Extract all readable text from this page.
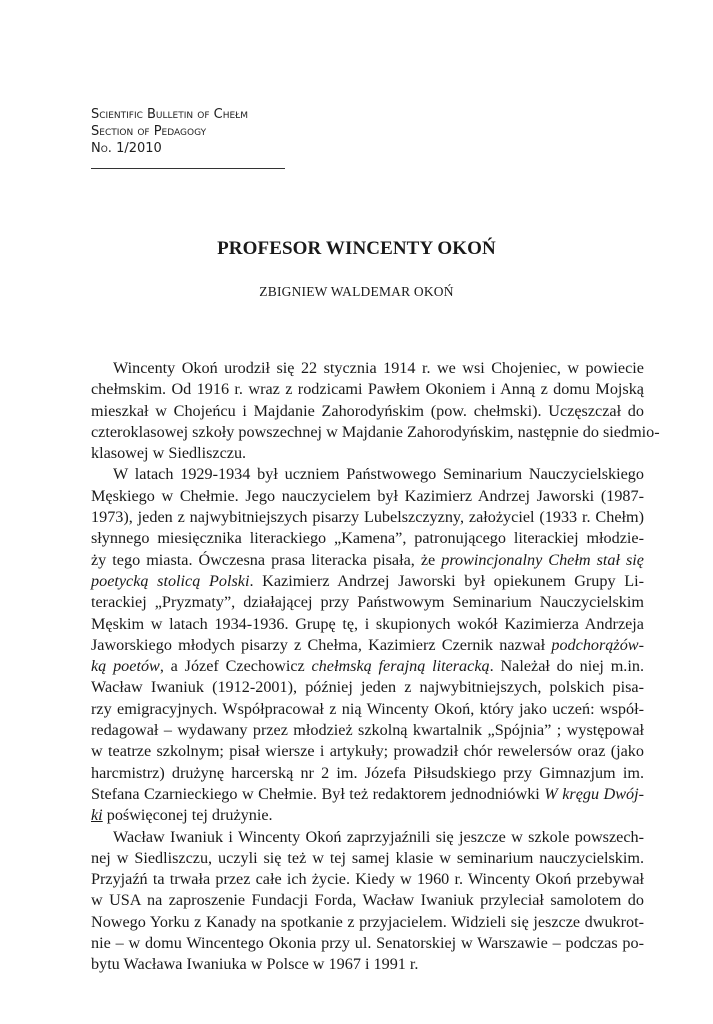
Scientific Bulletin of Chełm
Section of Pedagogy
No. 1/2010
PROFESOR WINCENTY OKOŃ
ZBIGNIEW WALDEMAR OKOŃ

Wincenty Okoń urodził się 22 stycznia 1914 r. we wsi Chojeniec, w powiecie
chełmskim. Od 1916 r. wraz z rodzicami Pawłem Okoniem i Anną z domu Mojską
mieszkał w Chojeńcu i Majdanie Zahorodyńskim (pow. chełmski). Uczęszczał do
czteroklasowej szkoły powszechnej w Majdanie Zahorodyńskim, następnie do siedmio-
klasowej w Siedliszczu.

W latach 1929-1934 był uczniem Państwowego Seminarium Nauczycielskiego
Męskiego w Chełmie. Jego nauczycielem był Kazimierz Andrzej Jaworski (1987-
1973), jeden z najwybitniejszych pisarzy Lubelszczyzny, założyciel (1933 r. Chełm)
słynnego miesięcznika literackiego „Kamena”, patronującego literackiej młodzie-
ży tego miasta. Ówczesna prasa literacka pisała, że prowincjonalny Chełm stał się
poetycką stolicą Polski. Kazimierz Andrzej Jaworski był opiekunem Grupy Li-
terackiej „Pryzmaty”, działającej przy Państwowym Seminarium Nauczycielskim
Męskim w latach 1934-1936. Grupę tę, i skupionych wokół Kazimierza Andrzeja
Jaworskiego młodych pisarzy z Chełma, Kazimierz Czernik nazwał podchorążów-
ką poetów, a Józef Czechowicz chełmską ferajną literacką. Należał do niej m.in.
Wacław Iwaniuk (1912-2001), później jeden z najwybitniejszych, polskich pisa-
rzy emigracyjnych. Współpracował z nią Wincenty Okoń, który jako uczeń: współ-
redagował – wydawany przez młodzież szkolną kwartalnik „Spójnia” ; występował
w teatrze szkolnym; pisał wiersze i artykuły; prowadził chór rewelersów oraz (jako
harcmistrz) drużynę harcerską nr 2 im. Józefa Piłsudskiego przy Gimnazjum im.
Stefana Czarnieckiego w Chełmie. Był też redaktorem jednodniówki W kręgu Dwój-
ki poświęconej tej drużynie.

Wacław Iwaniuk i Wincenty Okoń zaprzyjaźnili się jeszcze w szkole powszech-
nej w Siedliszczu, uczyli się też w tej samej klasie w seminarium nauczycielskim.
Przyjaźń ta trwała przez całe ich życie. Kiedy w 1960 r. Wincenty Okoń przebywał
w USA na zaproszenie Fundacji Forda, Wacław Iwaniuk przyleciał samolotem do
Nowego Yorku z Kanady na spotkanie z przyjacielem. Widzieli się jeszcze dwukrot-
nie – w domu Wincentego Okonia przy ul. Senatorskiej w Warszawie – podczas po-
bytu Wacława Iwaniuka w Polsce w 1967 i 1991 r.
